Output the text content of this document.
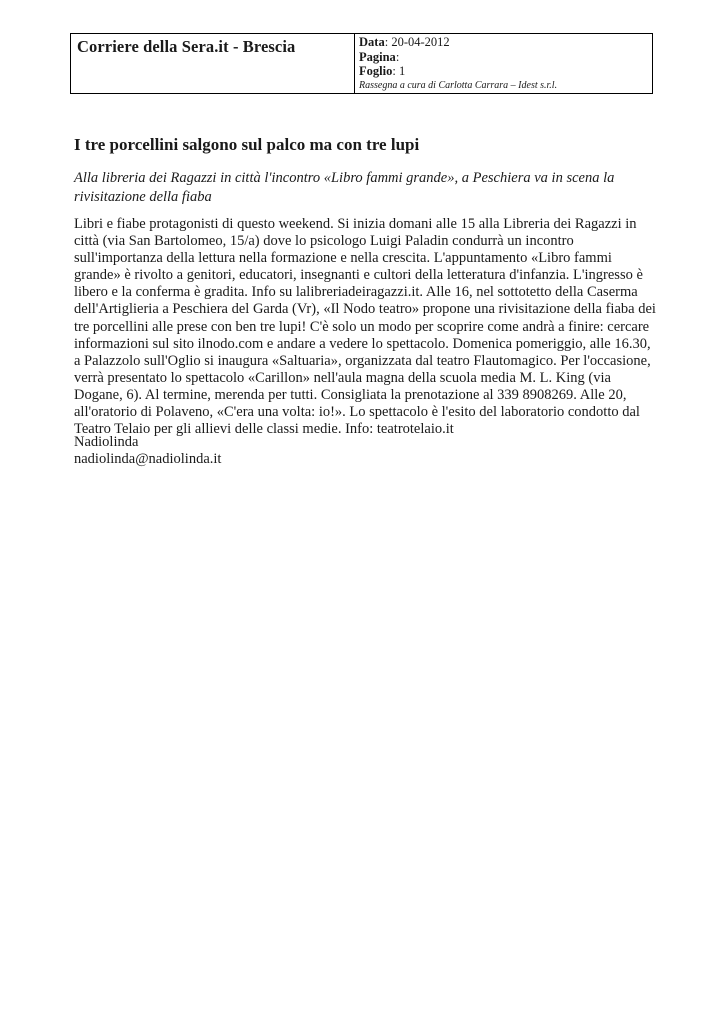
Corriere della Sera.it - Brescia	Data: 20-04-2012
Pagina:
Foglio: 1
Rassegna a cura di Carlotta Carrara – Idest s.r.l.
I tre porcellini salgono sul palco ma con tre lupi

Alla libreria dei Ragazzi in città l'incontro «Libro fammi grande», a Peschiera va in scena la rivisitazione della fiaba

Libri e fiabe protagonisti di questo weekend. Si inizia domani alle 15 alla Libreria dei Ragazzi in città (via San Bartolomeo, 15/a) dove lo psicologo Luigi Paladin condurrà un incontro sull'importanza della lettura nella formazione e nella crescita. L'appuntamento «Libro fammi grande» è rivolto a genitori, educatori, insegnanti e cultori della letteratura d'infanzia. L'ingresso è libero e la conferma è gradita. Info su lalibreriadeiragazzi.it. Alle 16, nel sottotetto della Caserma dell'Artiglieria a Peschiera del Garda (Vr), «Il Nodo teatro» propone una rivisitazione della fiaba dei tre porcellini alle prese con ben tre lupi! C'è solo un modo per scoprire come andrà a finire: cercare informazioni sul sito ilnodo.com e andare a vedere lo spettacolo. Domenica pomeriggio, alle 16.30, a Palazzolo sull'Oglio si inaugura «Saltuaria», organizzata dal teatro Flautomagico. Per l'occasione, verrà presentato lo spettacolo «Carillon» nell'aula magna della scuola media M. L. King (via Dogane, 6). Al termine, merenda per tutti. Consigliata la prenotazione al 339 8908269. Alle 20, all'oratorio di Polaveno, «C'era una volta: io!». Lo spettacolo è l'esito del laboratorio condotto dal Teatro Telaio per gli allievi delle classi medie. Info: teatrotelaio.it

Nadiolinda
nadiolinda@nadiolinda.it
